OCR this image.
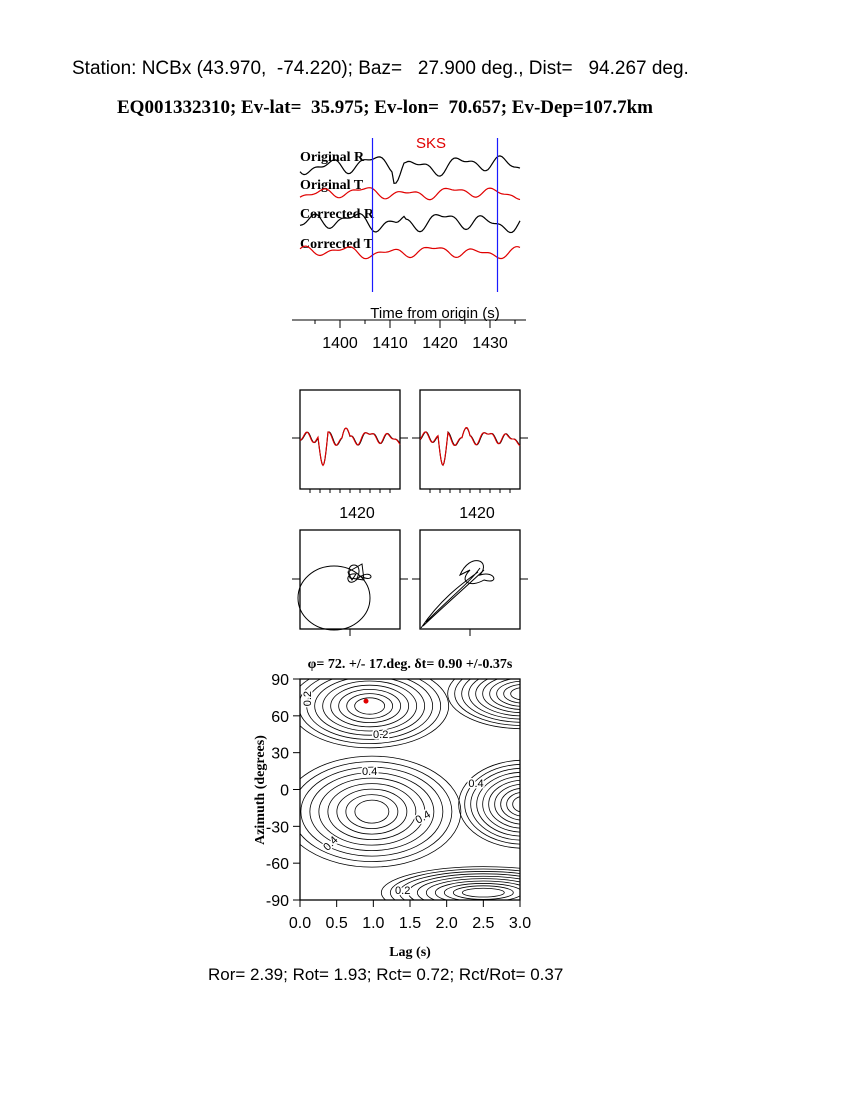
Station: NCBx (43.970,  -74.220); Baz=   27.900 deg., Dist=   94.267 deg.
EQ001332310; Ev-lat=  35.975; Ev-lon=  70.657; Ev-Dep=107.7km
SKS
Original R
Original T
Corrected R
Corrected T
Time from origin (s)
1400 1410 1420 1430
1420	1420
φ= 72. +/- 17.deg. δt= 0.90 +/-0.37s
0.2
0.2
0.4
0.4
0.4
0.4
0.2
0.0 0.5 1.0 1.5 2.0 2.5 3.0
90
60
30
0
-30
-60
-90
Lag (s)
Azimuth (degrees)
Ror= 2.39; Rot= 1.93; Rct= 0.72; Rct/Rot= 0.37
